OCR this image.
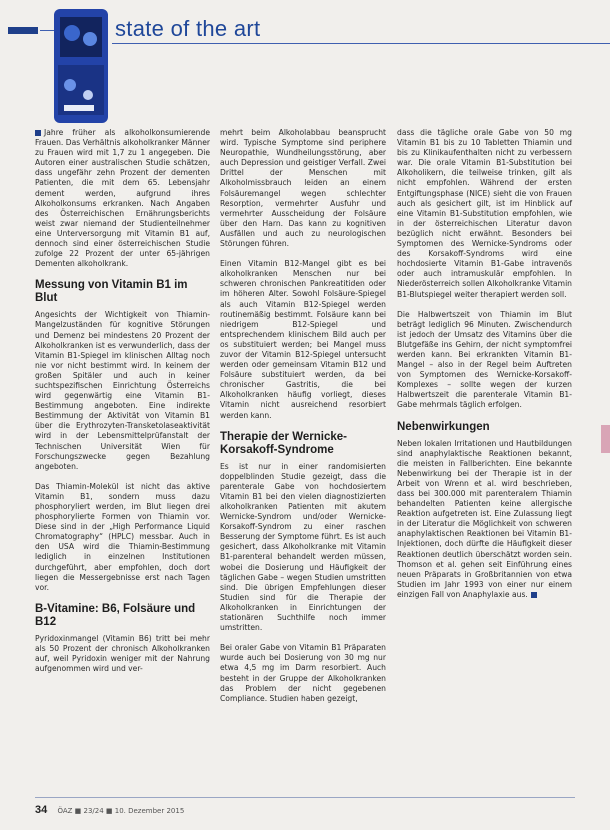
state of the art

Jahre früher als alkoholkonsumierende Frauen. Das Verhältnis alkoholkranker Männer zu Frauen wird mit 1,7 zu 1 angegeben. Die Autoren einer australischen Studie schätzen, dass ungefähr zehn Prozent der dementen Patienten, die mit dem 65. Lebensjahr dement werden, aufgrund ihres Alkoholkonsums erkranken. Nach Angaben des Österreichischen Ernährungsberichts weist zwar niemand der Studienteilnehmer eine Unterversorgung mit Vitamin B1 auf, dennoch sind einer österreichischen Studie zufolge 22 Prozent der unter 65-jährigen Dementen alkoholkrank.

Messung von Vitamin B1 im Blut

Angesichts der Wichtigkeit von Thiamin-Mangelzuständen für kognitive Störungen und Demenz bei mindestens 20 Prozent der Alkoholkranken ist es verwunderlich, dass der Vitamin B1-Spiegel im klinischen Alltag noch nie vor nicht bestimmt wird. In keinem der großen Spitäler und auch in keiner suchtspezifischen Einrichtung Österreichs wird gegenwärtig eine Vitamin B1-Bestimmung angeboten. Eine indirekte Bestimmung der Aktivität von Vitamin B1 über die Erythrozyten-Transketolaseaktivität wird in der Lebensmittelprüfanstalt der Technischen Universität Wien für Forschungszwecke gegen Bezahlung angeboten.

Das Thiamin-Molekül ist nicht das aktive Vitamin B1, sondern muss dazu phosphoryliert werden, im Blut liegen drei phosphorylierte Formen von Thiamin vor. Diese sind in der „High Performance Liquid Chromatography“ (HPLC) messbar. Auch in den USA wird die Thiamin-Bestimmung lediglich in einzelnen Institutionen durchgeführt, aber empfohlen, doch dort liegen die Messergebnisse erst nach Tagen vor.

B-Vitamine: B6, Folsäure und B12

Pyridoxinmangel (Vitamin B6) tritt bei mehr als 50 Prozent der chronisch Alkoholkranken auf, weil Pyridoxin weniger mit der Nahrung aufgenommen wird und ver-

mehrt beim Alkoholabbau beansprucht wird. Typische Symptome sind periphere Neuropathie, Wundheilungsstörung, aber auch Depression und geistiger Verfall. Zwei Drittel der Menschen mit Alkoholmissbrauch leiden an einem Folsäuremangel wegen schlechter Resorption, vermehrter Ausfuhr und vermehrter Ausscheidung der Folsäure über den Harn. Das kann zu kognitiven Ausfällen und auch zu neurologischen Störungen führen.

Einen Vitamin B12-Mangel gibt es bei alkoholkranken Menschen nur bei schweren chronischen Pankreatitiden oder im höheren Alter. Sowohl Folsäure-Spiegel als auch Vitamin B12-Spiegel werden routinemäßig bestimmt. Folsäure kann bei niedrigem B12-Spiegel und entsprechendem klinischem Bild auch per os substituiert werden; bei Mangel muss zuvor der Vitamin B12-Spiegel untersucht werden oder gemeinsam Vitamin B12 und Folsäure substituiert werden, da bei chronischer Gastritis, die bei Alkoholkranken häufig vorliegt, dieses Vitamin nicht ausreichend resorbiert werden kann.

Therapie der Wernicke-Korsakoff-Syndrome

Es ist nur in einer randomisierten doppelblinden Studie gezeigt, dass die parenterale Gabe von hochdosiertem Vitamin B1 bei den vielen diagnostizierten alkoholkranken Patienten mit akutem Wernicke-Syndrom und/oder Wernicke-Korsakoff-Syndrom zu einer raschen Besserung der Symptome führt. Es ist auch gesichert, dass Alkoholkranke mit Vitamin B1-parenteral behandelt werden müssen, wobei die Dosierung und Häufigkeit der täglichen Gabe – wegen Studien umstritten sind. Die übrigen Empfehlungen dieser Studien sind für die Therapie der Alkoholkranken in Einrichtungen der stationären Suchthilfe noch immer umstritten.

Bei oraler Gabe von Vitamin B1 Präparaten wurde auch bei Dosierung von 30 mg nur etwa 4,5 mg im Darm resorbiert. Auch besteht in der Gruppe der Alkoholkranken das Problem der nicht gegebenen Compliance. Studien haben gezeigt,

dass die tägliche orale Gabe von 50 mg Vitamin B1 bis zu 10 Tabletten Thiamin und bis zu Klinikaufenthalten nicht zu verbessern war. Die orale Vitamin B1-Substitution bei Alkoholikern, die teilweise trinken, gilt als nicht empfohlen. Während der ersten Entgiftungsphase (NICE) sieht die von Frauen auch als gesichert gilt, ist im Hinblick auf eine Vitamin B1-Substitution empfohlen, wie in der österreichischen Literatur davon bezüglich nicht erwähnt. Besonders bei Symptomen des Wernicke-Syndroms oder des Korsakoff-Syndroms wird eine hochdosierte Vitamin B1-Gabe intravenös oder auch intramuskulär empfohlen. In Niederösterreich sollen Alkoholkranke Vitamin B1-Blutspiegel weiter therapiert werden soll.

Die Halbwertszeit von Thiamin im Blut beträgt lediglich 96 Minuten. Zwischendurch ist jedoch der Umsatz des Vitamins über die Blutgefäße ins Gehirn, der nicht symptomfrei werden kann. Bei erkrankten Vitamin B1-Mangel – also in der Regel beim Auftreten von Symptomen des Wernicke-Korsakoff-Komplexes – sollte wegen der kurzen Halbwertszeit die parenterale Vitamin B1-Gabe mehrmals täglich erfolgen.

Nebenwirkungen

Neben lokalen Irritationen und Hautbildungen sind anaphylaktische Reaktionen bekannt, die meisten in Fallberichten. Eine bekannte Nebenwirkung bei der Therapie ist in der Arbeit von Wrenn et al. wird beschrieben, dass bei 300.000 mit parenteralem Thiamin behandelten Patienten keine allergische Reaktion aufgetreten ist. Eine Zulassung liegt in der Literatur die Möglichkeit von schweren anaphylaktischen Reaktionen bei Vitamin B1-Injektionen, doch dürfte die Häufigkeit dieser Reaktionen deutlich überschätzt worden sein. Thomson et al. gehen seit Einführung eines neuen Präparats in Großbritannien von etwa Studien im Jahr 1993 von einer nur einem einzigen Fall von Anaphylaxie aus.

34 ÖAZ ■ 23/24 ■ 10. Dezember 2015
